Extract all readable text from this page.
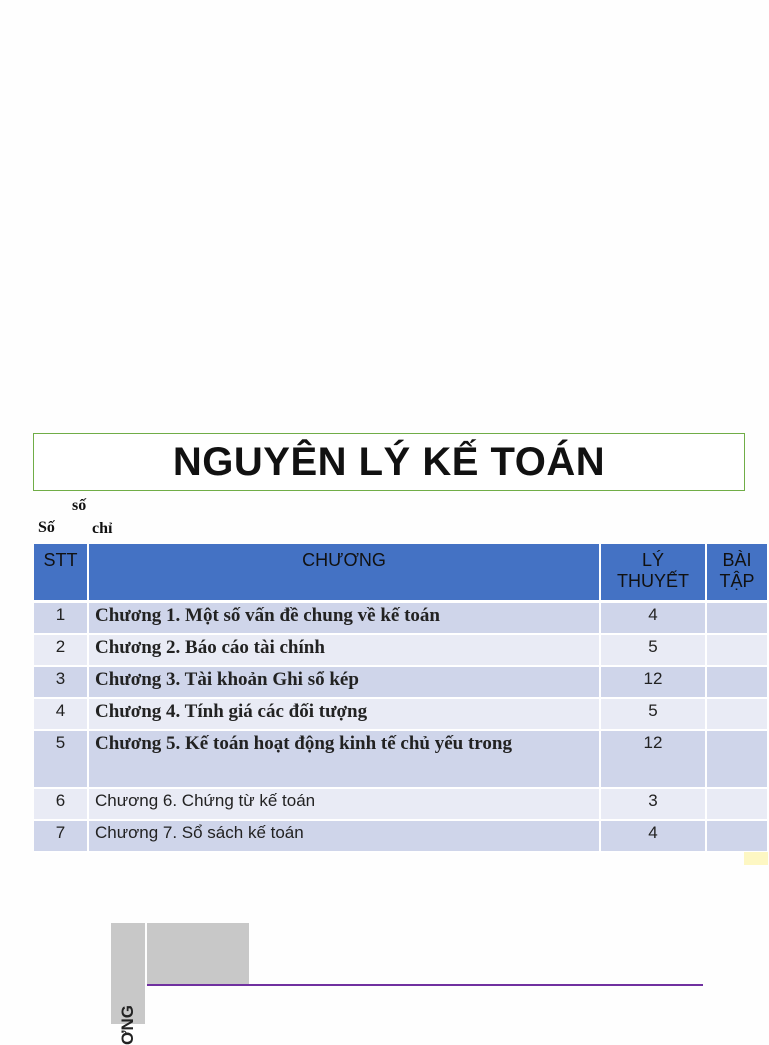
NGUYÊN LÝ KẾ TOÁN
số
Số chỉ
STT	CHƯƠNG	LÝ THUYẾT	BÀI TẬP
1	Chương 1. Một số vấn đề chung về kế toán	4	
2	Chương 2. Báo cáo tài chính	5	
3	Chương 3. Tài khoản Ghi sổ kép	12	
4	Chương 4. Tính giá các đối tượng	5	
5	Chương 5. Kế toán hoạt động kinh tế chủ yếu trong	12	
6	Chương 6. Chứng từ kế toán	3	
7	Chương 7. Sổ sách kế toán	4	
ƠNG
